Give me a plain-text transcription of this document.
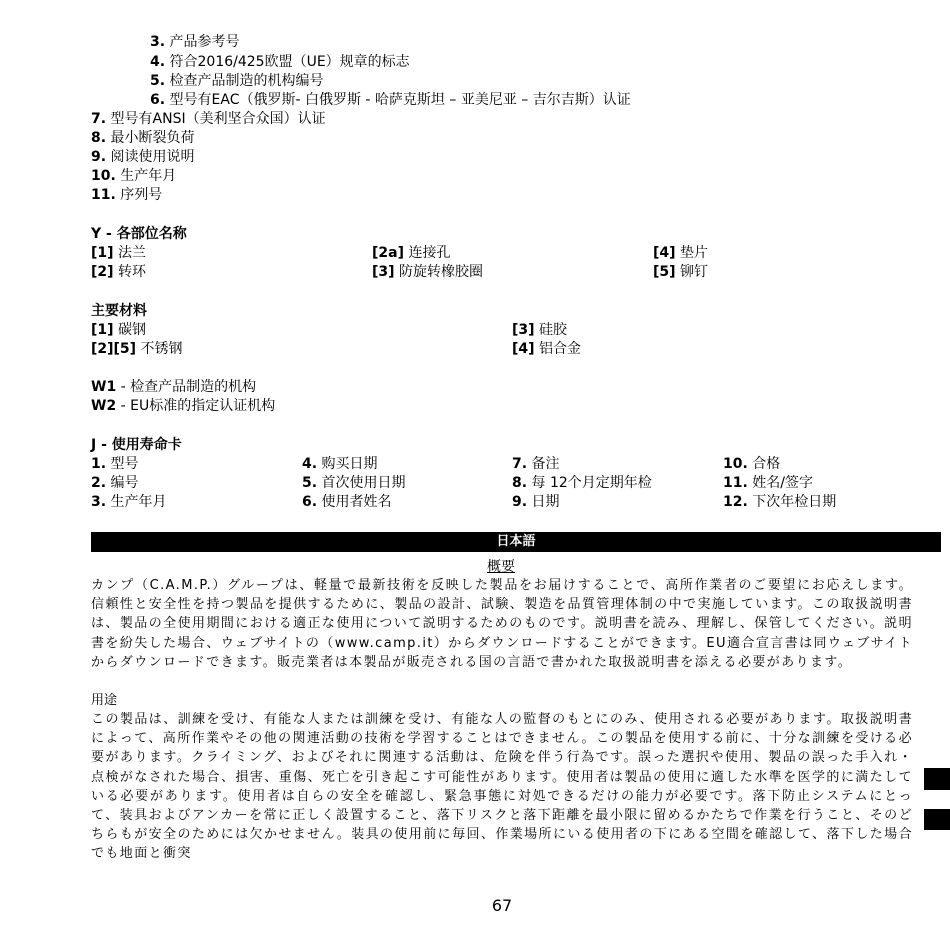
3. 产品参考号
4. 符合2016/425欧盟（UE）规章的标志
5. 检查产品制造的机构编号
6. 型号有EAC（俄罗斯- 白俄罗斯 - 哈萨克斯坦 – 亚美尼亚 – 吉尔吉斯）认证
7. 型号有ANSI（美利坚合众国）认证
8. 最小断裂负荷
9. 阅读使用说明
10. 生产年月
11. 序列号
Y - 各部位名称
[1] 法兰
[2] 转环
[2a] 连接孔
[3] 防旋转橡胶圈
[4] 垫片
[5] 铆钉
主要材料
[1] 碳钢
[2][5] 不锈钢
[3] 硅胶
[4] 铝合金
W1 - 检查产品制造的机构
W2 - EU标准的指定认证机构
J - 使用寿命卡
1. 型号
2. 编号
3. 生产年月
4. 购买日期
5. 首次使用日期
6. 使用者姓名
7. 备注
8. 每 12个月定期年检
9. 日期
10. 合格
11. 姓名/签字
12. 下次年检日期
日本語
概要
カンプ（C.A.M.P.）グループは、軽量で最新技術を反映した製品をお届けすることで、高所作業者のご要望にお応えします。信頼性と安全性を持つ製品を提供するために、製品の設計、試験、製造を品質管理体制の中で実施しています。この取扱説明書は、製品の全使用期間における適正な使用について説明するためのものです。説明書を読み、理解し、保管してください。説明書を紛失した場合、ウェブサイトの（www.camp.it）からダウンロードすることができます。EU適合宣言書は同ウェブサイトからダウンロードできます。販売業者は本製品が販売される国の言語で書かれた取扱説明書を添える必要があります。
用途
この製品は、訓練を受け、有能な人または訓練を受け、有能な人の監督のもとにのみ、使用される必要があります。取扱説明書によって、高所作業やその他の関連活動の技術を学習することはできません。この製品を使用する前に、十分な訓練を受ける必要があります。クライミング、およびそれに関連する活動は、危険を伴う行為です。誤った選択や使用、製品の誤った手入れ・点検がなされた場合、損害、重傷、死亡を引き起こす可能性があります。使用者は製品の使用に適した水準を医学的に満たしている必要があります。使用者は自らの安全を確認し、緊急事態に対処できるだけの能力が必要です。落下防止システムにとって、装具およびアンカーを常に正しく設置すること、落下リスクと落下距離を最小限に留めるかたちで作業を行うこと、そのどちらもが安全のためには欠かせません。装具の使用前に毎回、作業場所にいる使用者の下にある空間を確認して、落下した場合でも地面と衝突
67
